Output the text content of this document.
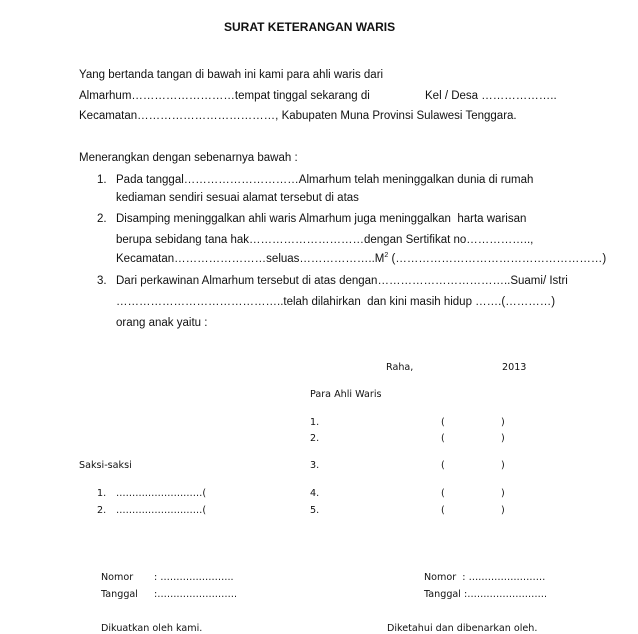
SURAT KETERANGAN WARIS
Yang bertanda tangan di bawah ini kami para ahli waris dari
Almarhum………………………tempat tinggal sekarang di	Kel / Desa ………………..
Kecamatan………………………………, Kabupaten Muna Provinsi Sulawesi Tenggara.
Menerangkan dengan sebenarnya bawah :
1. Pada tanggal…………………………Almarhum telah meninggalkan dunia di rumah
kediaman sendiri sesuai alamat tersebut di atas
2. Disamping meninggalkan ahli waris Almarhum juga meninggalkan  harta warisan
berupa sebidang tana hak…………………………dengan Sertifikat no……………..,
$Kecamatan\dots\dots\dots\dots\dots\dots\dots\dots seluas\dots\dots\dots\dots\dots\dots..M^2$ (………………………………………………)
3. Dari perkawinan Almarhum tersebut di atas dengan……………………………..Suami/ Istri
……………………………………..telah dilahirkan  dan kini masih hidup …….(…………)
orang anak yaitu :
Raha,	2013
Para Ahli Waris
1.	(	)
2.	(	)
Saksi-saksi	3.	(	)
1. ………………………(	4.	(	)
2. ………………………(	5.	(	)
Nomor : …………………..
Tanggal :…………………….
Dikuatkan oleh kami.
Nomor  : ……………………
Tanggal :…………………….
Diketahui dan dibenarkan oleh.
